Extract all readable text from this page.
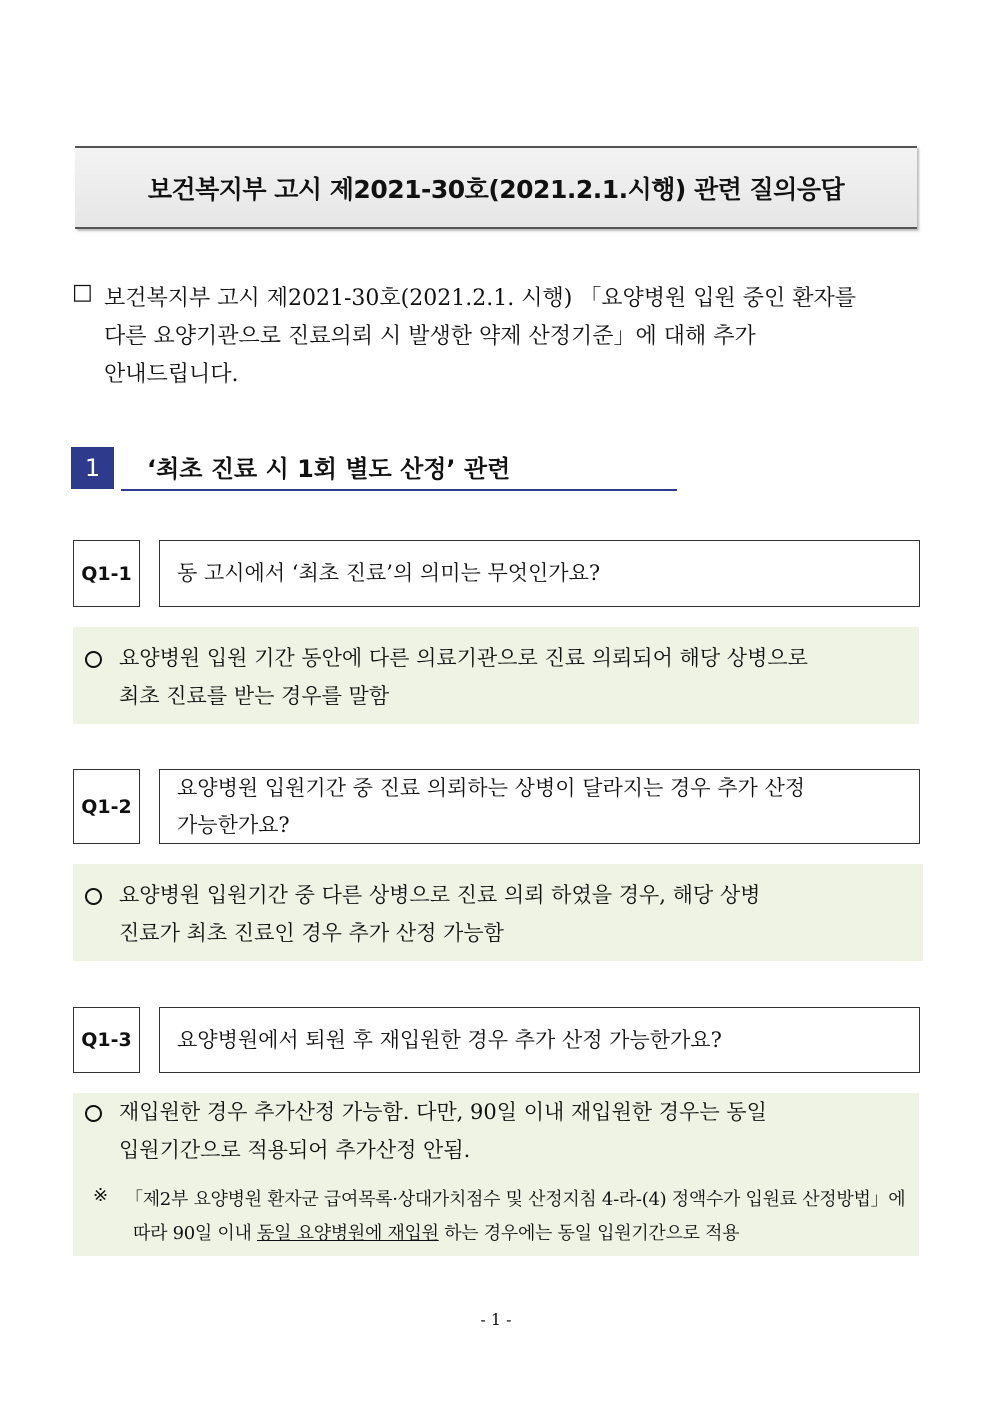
보건복지부 고시 제2021-30호(2021.2.1.시행) 관련 질의응답
□ 보건복지부 고시 제2021-30호(2021.2.1. 시행) 「요양병원 입원 중인 환자를
다른 요양기관으로 진료의뢰 시 발생한 약제 산정기준」에 대해 추가
안내드립니다.
1	‘최초 진료 시 1회 별도 산정’ 관련
Q1-1	동 고시에서 ‘최초 진료’의 의미는 무엇인가요?
요양병원 입원 기간 동안에 다른 의료기관으로 진료 의뢰되어 해당 상병으로
최초 진료를 받는 경우를 말함
Q1-2
요양병원 입원기간 중 진료 의뢰하는 상병이 달라지는 경우 추가 산정
가능한가요?
요양병원 입원기간 중 다른 상병으로 진료 의뢰 하였을 경우, 해당 상병
진료가 최초 진료인 경우 추가 산정 가능함
Q1-3	요양병원에서 퇴원 후 재입원한 경우 추가 산정 가능한가요?
재입원한 경우 추가산정 가능함. 다만, 90일 이내 재입원한 경우는 동일
입원기간으로 적용되어 추가산정 안됨.
※ 「제2부 요양병원 환자군 급여목록·상대가치점수 및 산정지침 4-라-(4) 정액수가 입원료 산정방법」에
따라 90일 이내 동일 요양병원에 재입원 하는 경우에는 동일 입원기간으로 적용
- 1 -
